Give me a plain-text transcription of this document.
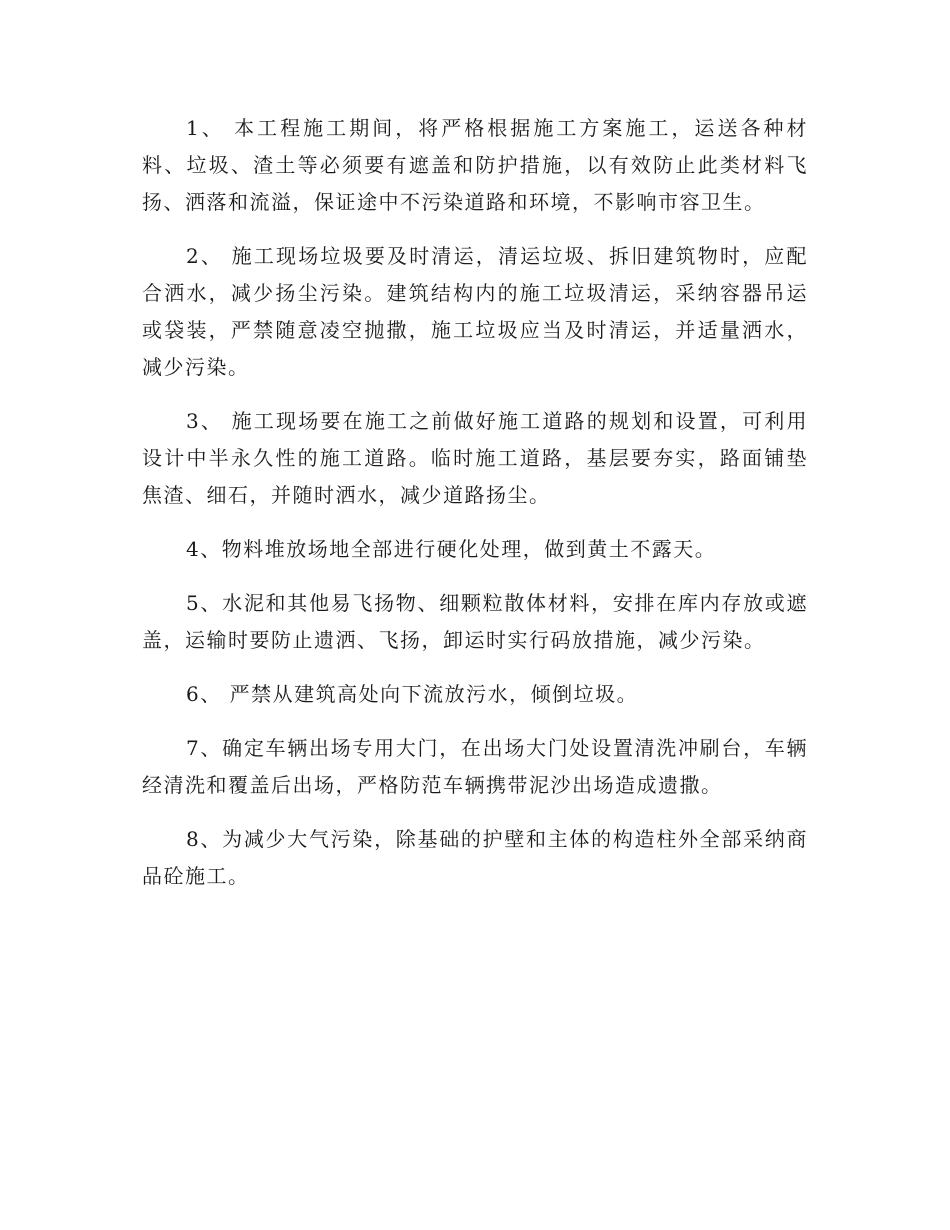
1、 本工程施工期间，将严格根据施工方案施工，运送各种材料、垃圾、渣土等必须要有遮盖和防护措施，以有效防止此类材料飞扬、洒落和流溢，保证途中不污染道路和环境，不影响市容卫生。

2、 施工现场垃圾要及时清运，清运垃圾、拆旧建筑物时，应配合洒水，减少扬尘污染。建筑结构内的施工垃圾清运，采纳容器吊运或袋装，严禁随意凌空抛撒，施工垃圾应当及时清运，并适量洒水，减少污染。

3、 施工现场要在施工之前做好施工道路的规划和设置，可利用设计中半永久性的施工道路。临时施工道路，基层要夯实，路面铺垫焦渣、细石，并随时洒水，减少道路扬尘。

4、物料堆放场地全部进行硬化处理，做到黄土不露天。

5、水泥和其他易飞扬物、细颗粒散体材料，安排在库内存放或遮盖，运输时要防止遗洒、飞扬，卸运时实行码放措施，减少污染。

6、 严禁从建筑高处向下流放污水，倾倒垃圾。

7、确定车辆出场专用大门，在出场大门处设置清洗冲刷台，车辆经清洗和覆盖后出场，严格防范车辆携带泥沙出场造成遗撒。

8、为减少大气污染，除基础的护壁和主体的构造柱外全部采纳商品砼施工。
